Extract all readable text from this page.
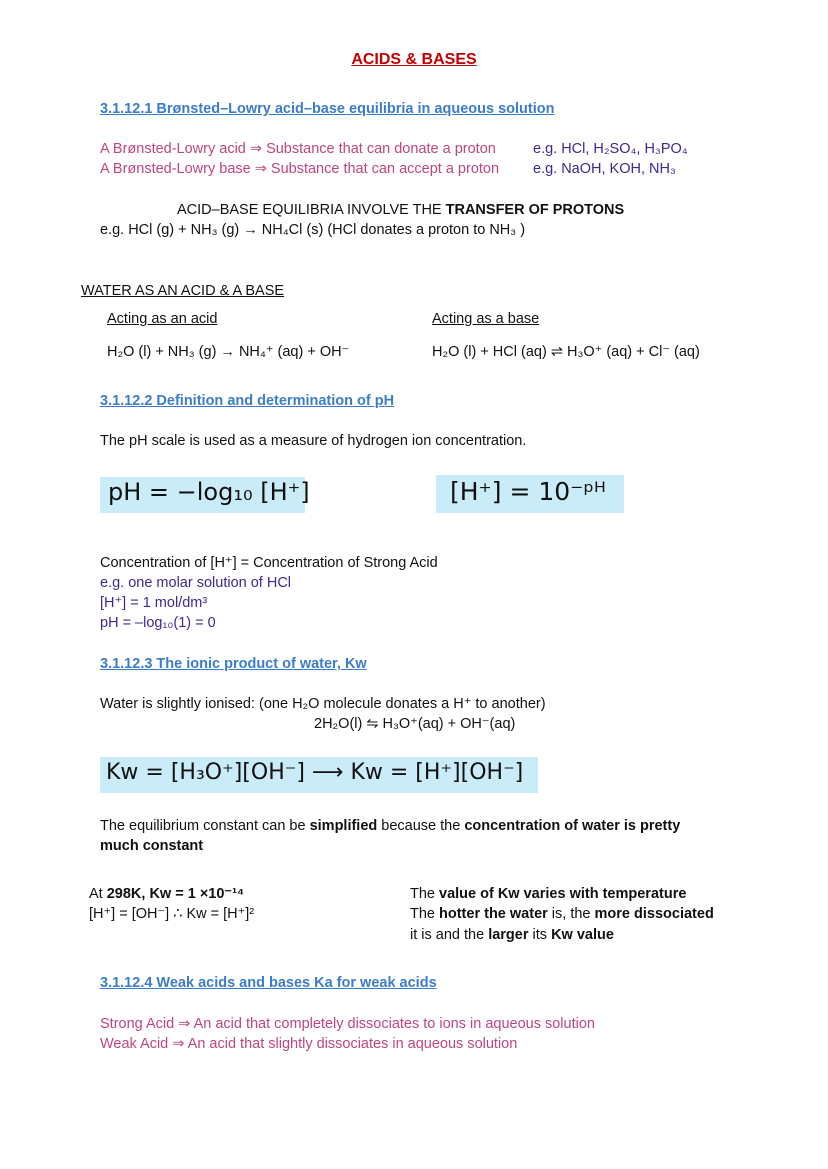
ACIDS & BASES
3.1.12.1 Brønsted–Lowry acid–base equilibria in aqueous solution
A Brønsted-Lowry acid ⇒ Substance that can donate a proton	e.g. HCl, H₂SO₄, H₃PO₄
A Brønsted-Lowry base ⇒ Substance that can accept a proton e.g. NaOH, KOH, NH₃
ACID–BASE EQUILIBRIA INVOLVE THE TRANSFER OF PROTONS
e.g. HCl (g) + NH₃ (g) → NH₄Cl (s) (HCl donates a proton to NH₃ )
WATER AS AN ACID & A BASE
Acting as an acid	Acting as a base
H₂O (l) + NH₃ (g) → NH₄⁺ (aq) + OH⁻	H₂O (l) + HCl (aq) ⇌ H₃O⁺ (aq) + Cl⁻ (aq)
3.1.12.2 Definition and determination of pH
The pH scale is used as a measure of hydrogen ion concentration.
pH = −log₁₀ [H⁺]	[H⁺] = 10⁻ᵖᴴ
Concentration of [H⁺] = Concentration of Strong Acid
e.g. one molar solution of HCl
[H⁺] = 1 mol/dm³
pH = –log₁₀(1) = 0
3.1.12.3 The ionic product of water, Kw
Water is slightly ionised: (one H₂O molecule donates a H⁺ to another)
2H₂O(l) ⇋ H₃O⁺(aq) + OH⁻(aq)
Kw = [H₃O⁺][OH⁻] ⟶ Kw = [H⁺][OH⁻]
The equilibrium constant can be simplified because the concentration of water is pretty
much constant
At 298K, Kw = 1 ×10⁻¹⁴
[H⁺] = [OH⁻] ∴ Kw = [H⁺]²
The value of Kw varies with temperature
The hotter the water is, the more dissociated
it is and the larger its Kw value
3.1.12.4 Weak acids and bases Ka for weak acids
Strong Acid ⇒ An acid that completely dissociates to ions in aqueous solution
Weak Acid ⇒ An acid that slightly dissociates in aqueous solution
